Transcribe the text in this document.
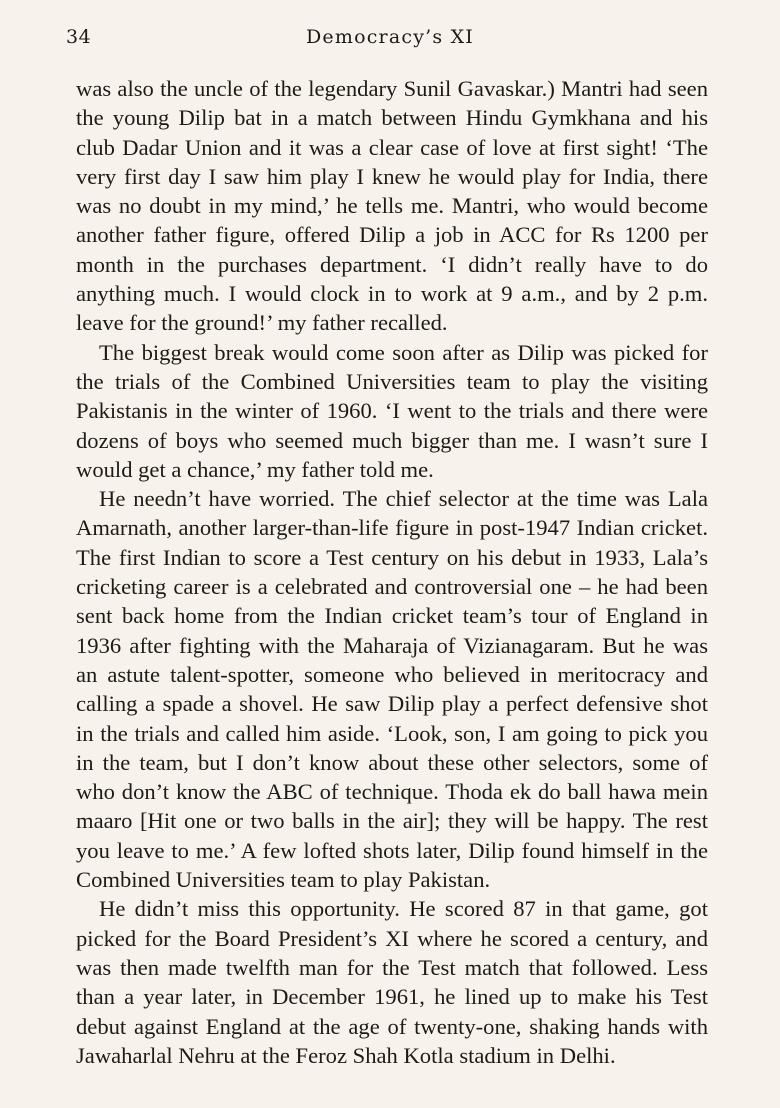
34	Democracy’s XI

was also the uncle of the legendary Sunil Gavaskar.) Mantri had seen the young Dilip bat in a match between Hindu Gymkhana and his club Dadar Union and it was a clear case of love at first sight! ‘The very first day I saw him play I knew he would play for India, there was no doubt in my mind,’ he tells me. Mantri, who would become another father figure, offered Dilip a job in ACC for Rs 1200 per month in the purchases department. ‘I didn’t really have to do anything much. I would clock in to work at 9 a.m., and by 2 p.m. leave for the ground!’ my father recalled.

The biggest break would come soon after as Dilip was picked for the trials of the Combined Universities team to play the visiting Pakistanis in the winter of 1960. ‘I went to the trials and there were dozens of boys who seemed much bigger than me. I wasn’t sure I would get a chance,’ my father told me.

He needn’t have worried. The chief selector at the time was Lala Amarnath, another larger-than-life figure in post-1947 Indian cricket. The first Indian to score a Test century on his debut in 1933, Lala’s cricketing career is a celebrated and controversial one – he had been sent back home from the Indian cricket team’s tour of England in 1936 after fighting with the Maharaja of Vizianagaram. But he was an astute talent-spotter, someone who believed in meritocracy and calling a spade a shovel. He saw Dilip play a perfect defensive shot in the trials and called him aside. ‘Look, son, I am going to pick you in the team, but I don’t know about these other selectors, some of who don’t know the ABC of technique. Thoda ek do ball hawa mein maaro [Hit one or two balls in the air]; they will be happy. The rest you leave to me.’ A few lofted shots later, Dilip found himself in the Combined Universities team to play Pakistan.

He didn’t miss this opportunity. He scored 87 in that game, got picked for the Board President’s XI where he scored a century, and was then made twelfth man for the Test match that followed. Less than a year later, in December 1961, he lined up to make his Test debut against England at the age of twenty-one, shaking hands with Jawaharlal Nehru at the Feroz Shah Kotla stadium in Delhi.
